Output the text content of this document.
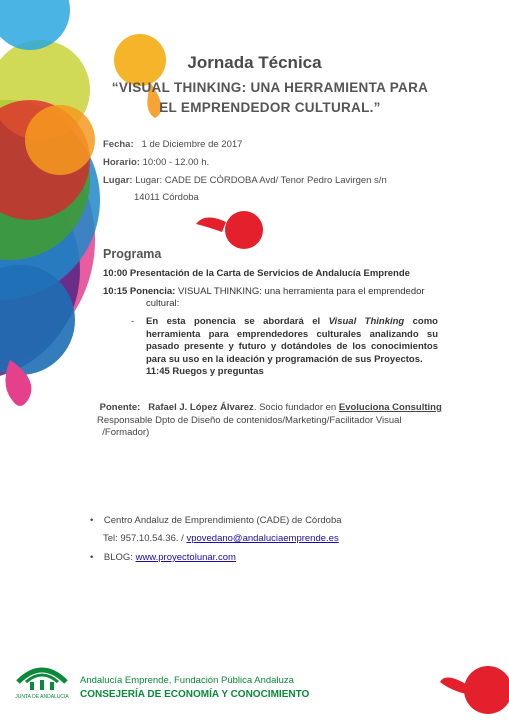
Jornada Técnica
“VISUAL THINKING: UNA HERRAMIENTA PARA
EL EMPRENDEDOR CULTURAL.”
Fecha: 1 de Diciembre de 2017
Horario: 10:00 - 12.00 h.
Lugar: Lugar: CADE DE CÓRDOBA Avd/ Tenor Pedro Lavirgen s/n
14011 Córdoba
Programa
10:00 Presentación de la Carta de Servicios de Andalucía Emprende
10:15 Ponencia: VISUAL THINKING: una herramienta para el emprendedor
cultural:
- En esta ponencia se abordará el Visual Thinking como herramienta para emprendedores culturales analizando su pasado presente y futuro y dotándoles de los conocimientos para su uso en la ideación y programación de sus Proyectos.
11:45 Ruegos y preguntas
Ponente: Rafael J. López Álvarez. Socio fundador en Evoluciona Consulting
Responsable Dpto de Diseño de contenidos/Marketing/Facilitador Visual
/Formador)
• Centro Andaluz de Emprendimiento (CADE) de Córdoba
Tel: 957.10.54.36. / vpovedano@andaluciaemprende.es
• BLOG: www.proyectolunar.com
JUNTA DE ANDALUCIA
Andalucía Emprende, Fundación Pública Andaluza
CONSEJERÍA DE ECONOMÍA Y CONOCIMIENTO
